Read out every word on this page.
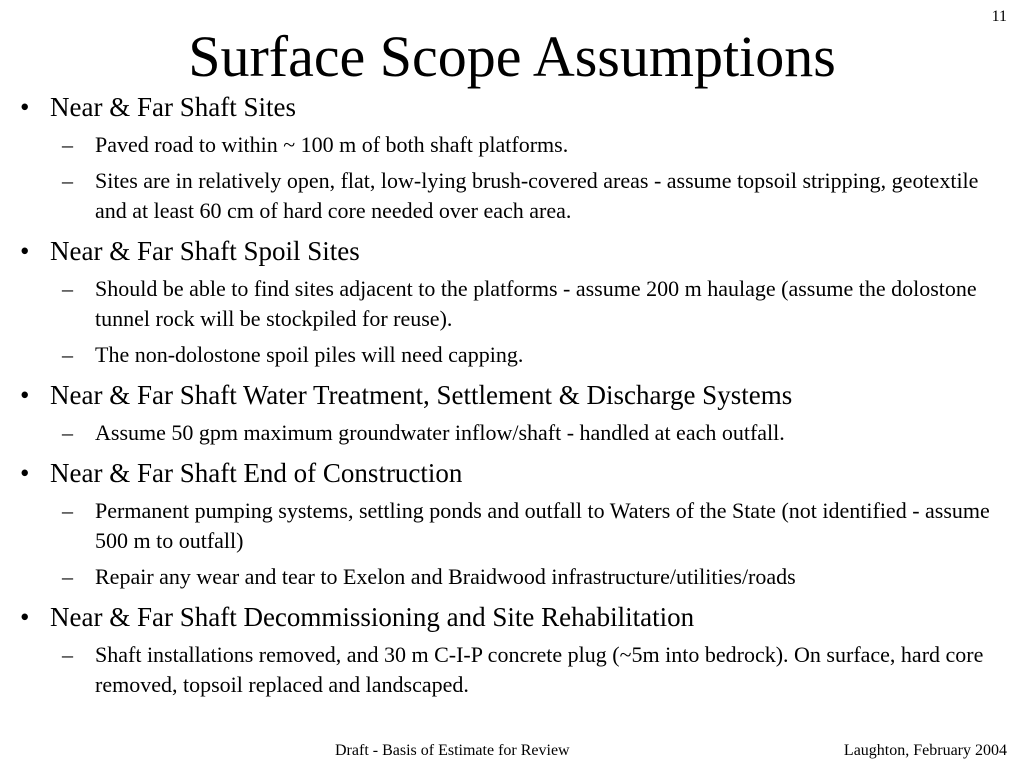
11
Surface Scope Assumptions
• Near & Far Shaft Sites
– Paved road to within ~ 100 m of both shaft platforms.
– Sites are in relatively open, flat, low-lying brush-covered areas - assume topsoil stripping, geotextile and at least 60 cm of hard core needed over each area.
• Near & Far Shaft Spoil Sites
– Should be able to find sites adjacent to the platforms - assume 200 m haulage (assume the dolostone tunnel rock will be stockpiled for reuse).
– The non-dolostone spoil piles will need capping.
• Near & Far Shaft Water Treatment, Settlement & Discharge Systems
– Assume 50 gpm maximum groundwater inflow/shaft - handled at each outfall.
• Near & Far Shaft End of Construction
– Permanent pumping systems, settling ponds and outfall to Waters of the State (not identified - assume 500 m to outfall)
– Repair any wear and tear to Exelon and Braidwood infrastructure/utilities/roads
• Near & Far Shaft Decommissioning and Site Rehabilitation
– Shaft installations removed, and 30 m C-I-P concrete plug (~5m into bedrock). On surface, hard core removed, topsoil replaced and landscaped.
Draft - Basis of Estimate for Review	Laughton, February 2004
